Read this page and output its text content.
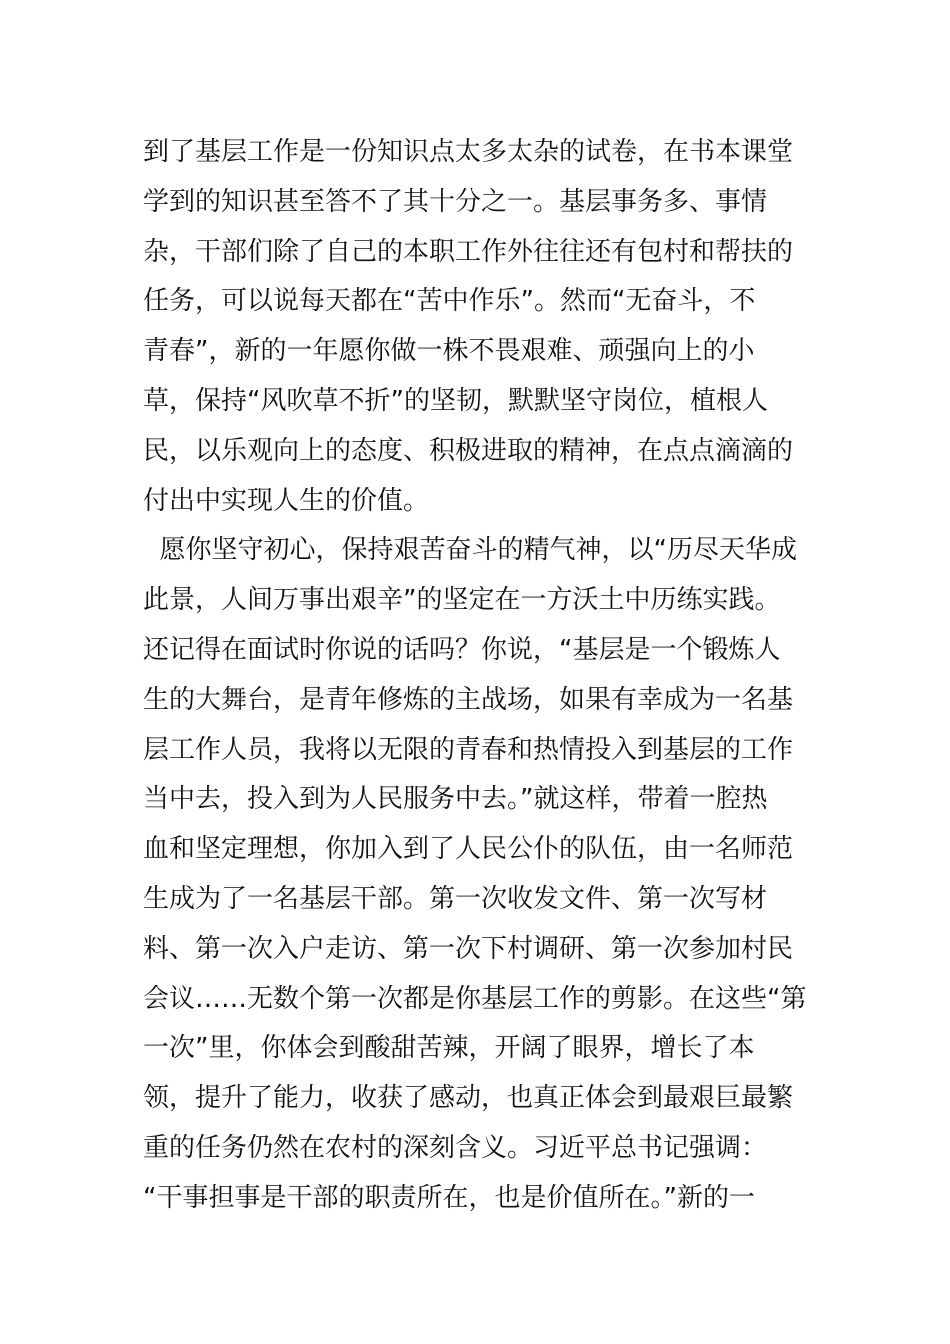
到了基层工作是一份知识点太多太杂的试卷，在书本课堂
学到的知识甚至答不了其十分之一。基层事务多、事情
杂，干部们除了自己的本职工作外往往还有包村和帮扶的
任务，可以说每天都在“苦中作乐”。然而“无奋斗，不
青春”，新的一年愿你做一株不畏艰难、顽强向上的小
草，保持“风吹草不折”的坚韧，默默坚守岗位，植根人
民，以乐观向上的态度、积极进取的精神，在点点滴滴的
付出中实现人生的价值。
愿你坚守初心，保持艰苦奋斗的精气神，以“历尽天华成
此景，人间万事出艰辛”的坚定在一方沃土中历练实践。
还记得在面试时你说的话吗？你说，“基层是一个锻炼人
生的大舞台，是青年修炼的主战场，如果有幸成为一名基
层工作人员，我将以无限的青春和热情投入到基层的工作
当中去，投入到为人民服务中去。”就这样，带着一腔热
血和坚定理想，你加入到了人民公仆的队伍，由一名师范
生成为了一名基层干部。第一次收发文件、第一次写材
料、第一次入户走访、第一次下村调研、第一次参加村民
会议……无数个第一次都是你基层工作的剪影。在这些“第
一次”里，你体会到酸甜苦辣，开阔了眼界，增长了本
领，提升了能力，收获了感动，也真正体会到最艰巨最繁
重的任务仍然在农村的深刻含义。习近平总书记强调：
“干事担事是干部的职责所在，也是价值所在。”新的一
